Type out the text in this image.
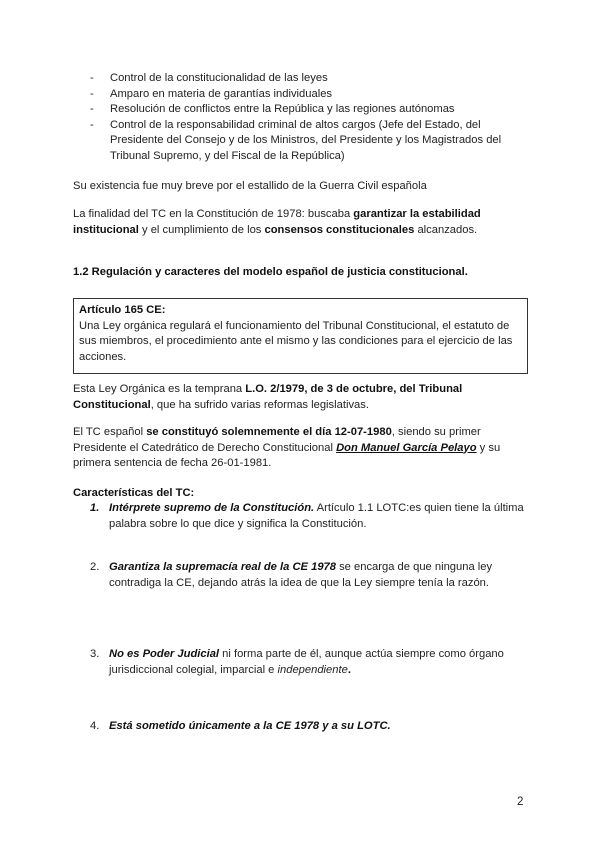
- Control de la constitucionalidad de las leyes
- Amparo en materia de garantías individuales
- Resolución de conflictos entre la República y las regiones autónomas
- Control de la responsabilidad criminal de altos cargos (Jefe del Estado, del Presidente del Consejo y de los Ministros, del Presidente y los Magistrados del Tribunal Supremo, y del Fiscal de la República)

Su existencia fue muy breve por el estallido de la Guerra Civil española

La finalidad del TC en la Constitución de 1978: buscaba garantizar la estabilidad institucional y el cumplimiento de los consensos constitucionales alcanzados.

1.2 Regulación y caracteres del modelo español de justicia constitucional.
Artículo 165 CE:
Una Ley orgánica regulará el funcionamiento del Tribunal Constitucional, el estatuto de sus miembros, el procedimiento ante el mismo y las condiciones para el ejercicio de las acciones.

Esta Ley Orgánica es la temprana L.O. 2/1979, de 3 de octubre, del Tribunal Constitucional, que ha sufrido varias reformas legislativas.

El TC español se constituyó solemnemente el día 12-07-1980, siendo su primer Presidente el Catedrático de Derecho Constitucional Don Manuel García Pelayo y su primera sentencia de fecha 26-01-1981.

Características del TC:
1. Intérprete supremo de la Constitución. Artículo 1.1 LOTC:es quien tiene la última palabra sobre lo que dice y significa la Constitución.
2. Garantiza la supremacía real de la CE 1978 se encarga de que ninguna ley contradiga la CE, dejando atrás la idea de que la Ley siempre tenía la razón.
3. No es Poder Judicial ni forma parte de él, aunque actúa siempre como órgano jurisdiccional colegial, imparcial e independiente.
4. Está sometido únicamente a la CE 1978 y a su LOTC.
2
